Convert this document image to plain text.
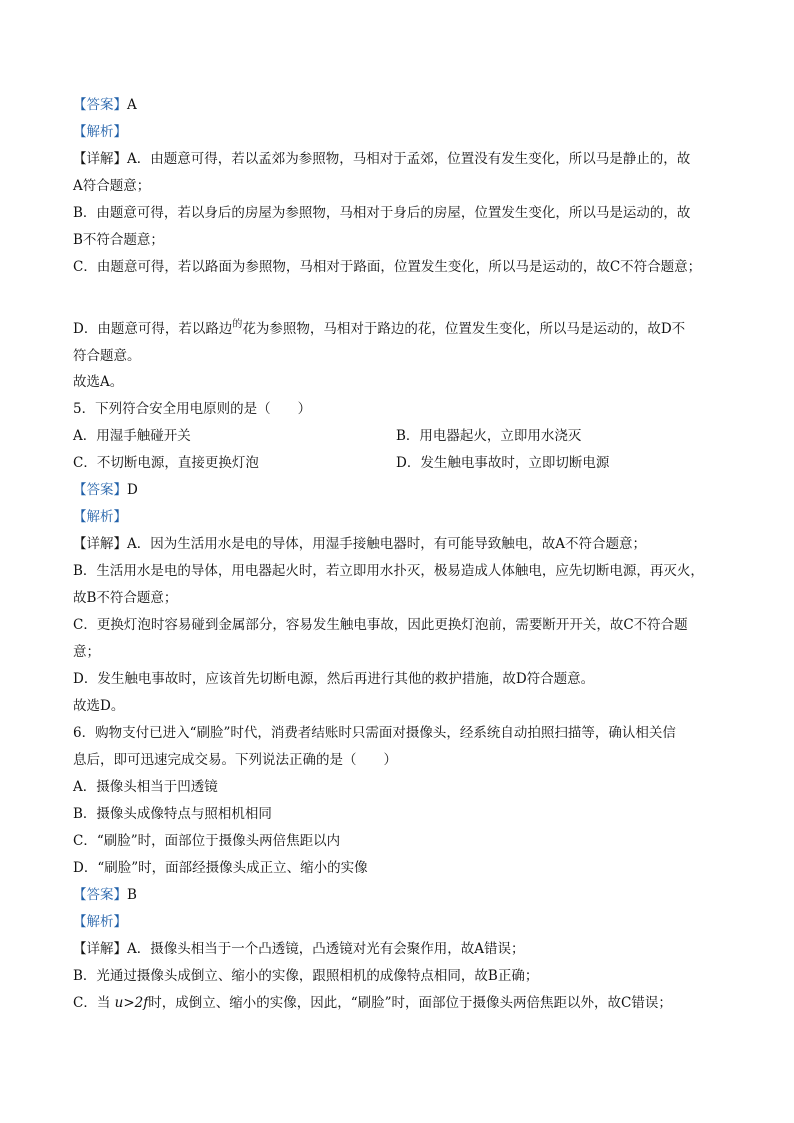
【答案】A
【解析】
【详解】A．由题意可得，若以孟郊为参照物，马相对于孟郊，位置没有发生变化，所以马是静止的，故
A符合题意；
B．由题意可得，若以身后的房屋为参照物，马相对于身后的房屋，位置发生变化，所以马是运动的，故
B不符合题意；
C．由题意可得，若以路面为参照物，马相对于路面，位置发生变化，所以马是运动的，故C不符合题意；
D．由题意可得，若以路边$^的$花为参照物，马相对于路边的花，位置发生变化，所以马是运动的，故D不
符合题意。
故选A。
5．下列符合安全用电原则的是（　　）
A．用湿手触碰开关	B．用电器起火，立即用水浇灭
C．不切断电源，直接更换灯泡	D．发生触电事故时，立即切断电源
【答案】D
【解析】
【详解】A．因为生活用水是电的导体，用湿手接触电器时，有可能导致触电，故A不符合题意；
B．生活用水是电的导体，用电器起火时，若立即用水扑灭，极易造成人体触电，应先切断电源，再灭火，
故B不符合题意；
C．更换灯泡时容易碰到金属部分，容易发生触电事故，因此更换灯泡前，需要断开开关，故C不符合题
意；
D．发生触电事故时，应该首先切断电源，然后再进行其他的救护措施，故D符合题意。
故选D。
6．购物支付已进入“刷脸”时代，消费者结账时只需面对摄像头，经系统自动拍照扫描等，确认相关信
息后，即可迅速完成交易。下列说法正确的是（　　）
A．摄像头相当于凹透镜
B．摄像头成像特点与照相机相同
C．“刷脸”时，面部位于摄像头两倍焦距以内
D．“刷脸”时，面部经摄像头成正立、缩小的实像
【答案】B
【解析】
【详解】A．摄像头相当于一个凸透镜，凸透镜对光有会聚作用，故A错误；
B．光通过摄像头成倒立、缩小的实像，跟照相机的成像特点相同，故B正确；
C．当 u>2f时，成倒立、缩小的实像，因此，“刷脸”时，面部位于摄像头两倍焦距以外，故C错误；
